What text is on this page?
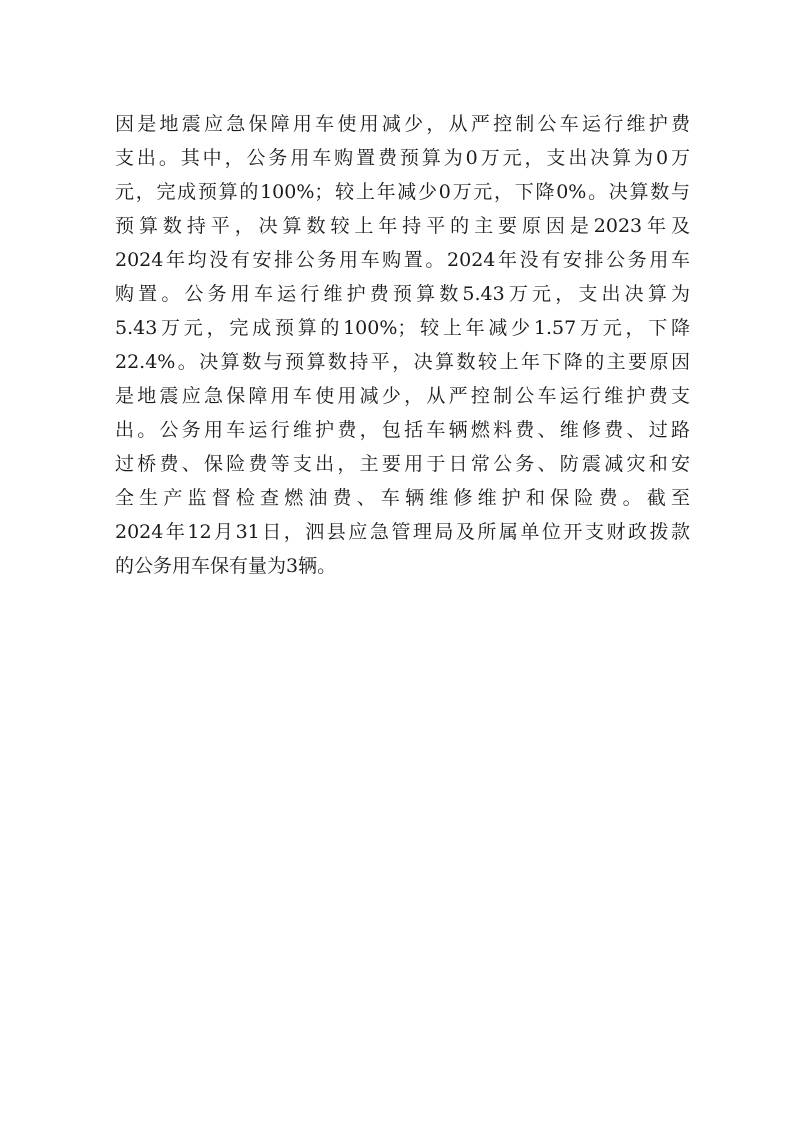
因是地震应急保障用车使用减少，从严控制公车运行维护费
支出。其中，公务用车购置费预算为0万元，支出决算为0万
元，完成预算的100%；较上年减少0万元，下降0%。决算数与
预算数持平，决算数较上年持平的主要原因是2023年及
2024年均没有安排公务用车购置。2024年没有安排公务用车
购置。公务用车运行维护费预算数5.43万元，支出决算为
5.43万元，完成预算的100%；较上年减少1.57万元，下降
22.4%。决算数与预算数持平，决算数较上年下降的主要原因
是地震应急保障用车使用减少，从严控制公车运行维护费支
出。公务用车运行维护费，包括车辆燃料费、维修费、过路
过桥费、保险费等支出，主要用于日常公务、防震减灾和安
全生产监督检查燃油费、车辆维修维护和保险费。截至
2024年12月31日，泗县应急管理局及所属单位开支财政拨款
的公务用车保有量为3辆。
